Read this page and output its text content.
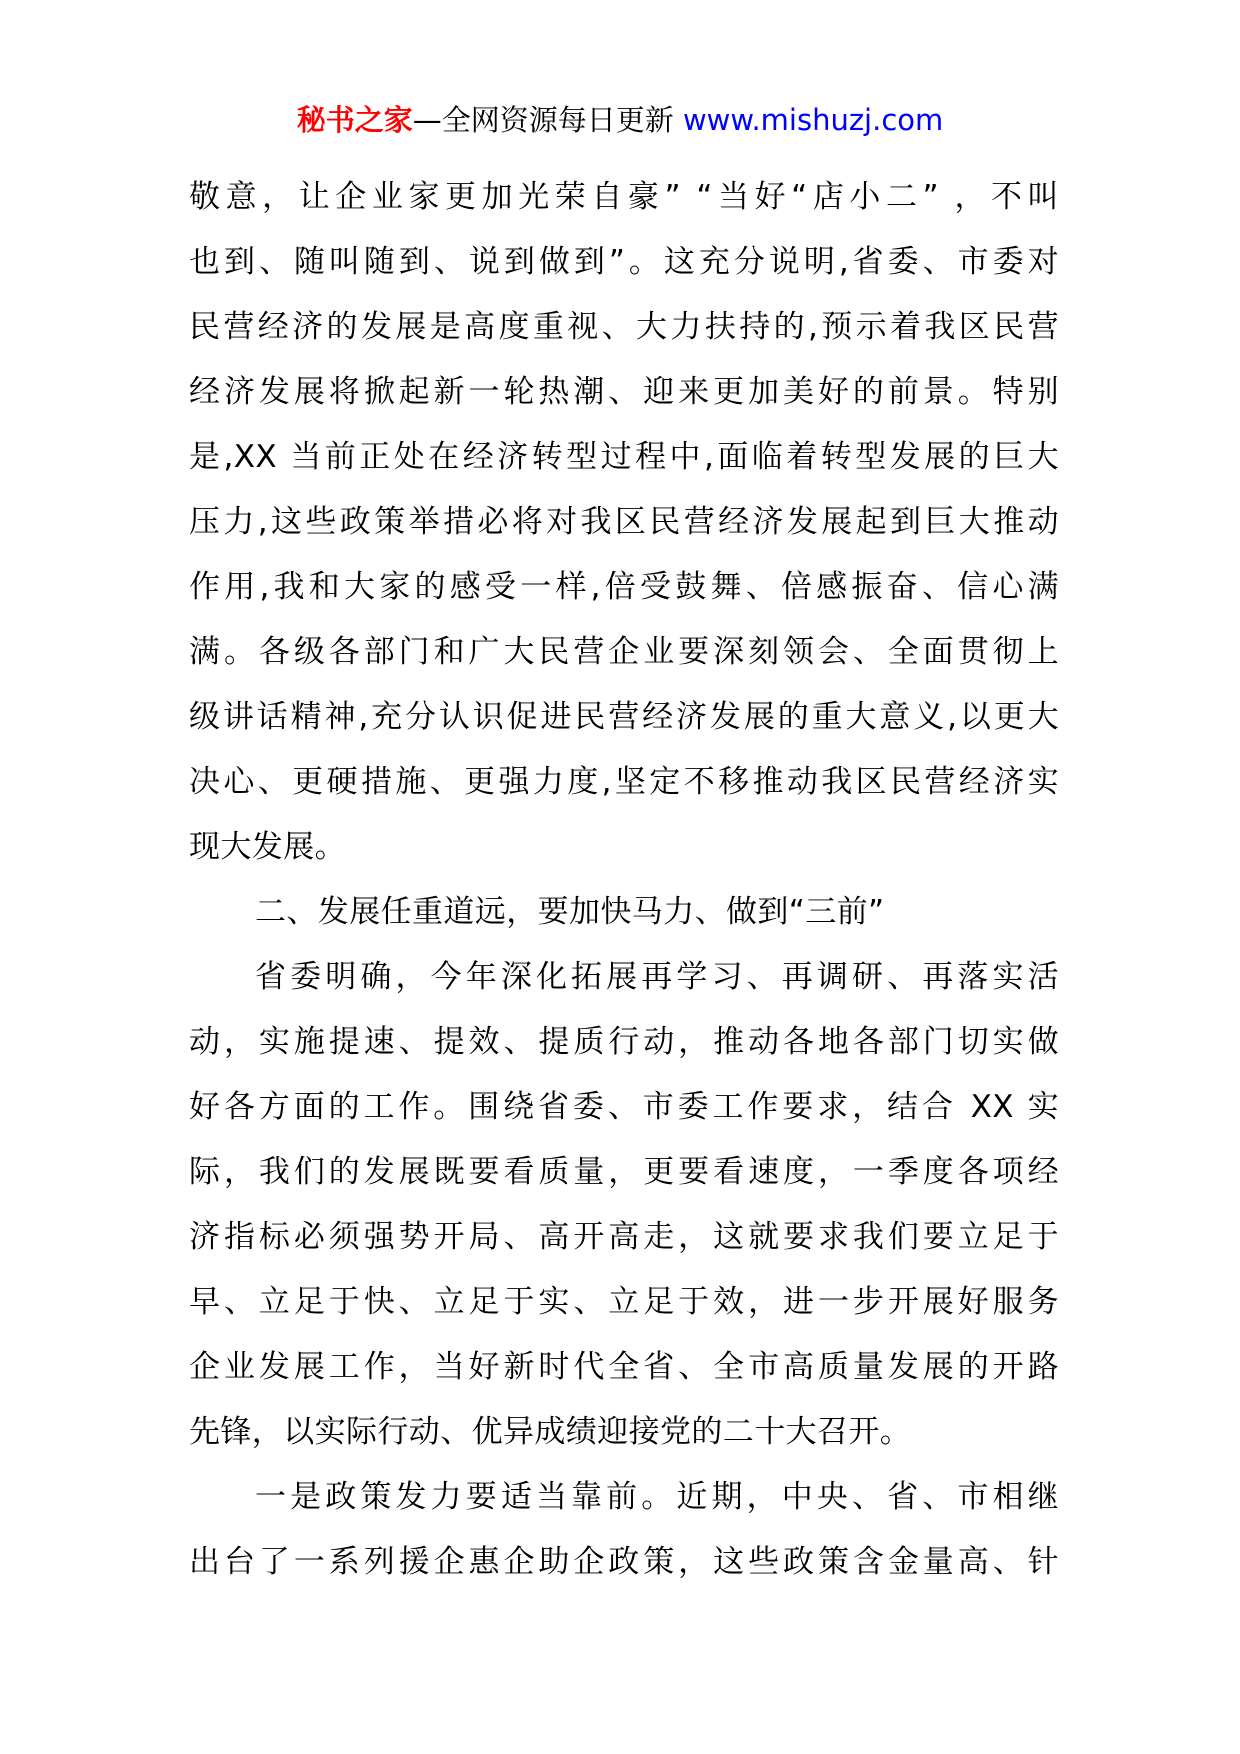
秘书之家—全网资源每日更新 www.mishuzj.com
敬意，让企业家更加光荣自豪” “当好“店小二” ，不叫
也到、随叫随到、说到做到”。这充分说明,省委、市委对
民营经济的发展是高度重视、大力扶持的,预示着我区民营
经济发展将掀起新一轮热潮、迎来更加美好的前景。特别
是,XX 当前正处在经济转型过程中,面临着转型发展的巨大
压力,这些政策举措必将对我区民营经济发展起到巨大推动
作用,我和大家的感受一样,倍受鼓舞、倍感振奋、信心满
满。各级各部门和广大民营企业要深刻领会、全面贯彻上
级讲话精神,充分认识促进民营经济发展的重大意义,以更大
决心、更硬措施、更强力度,坚定不移推动我区民营经济实
现大发展。
二、发展任重道远，要加快马力、做到“三前”
省委明确，今年深化拓展再学习、再调研、再落实活
动，实施提速、提效、提质行动，推动各地各部门切实做
好各方面的工作。围绕省委、市委工作要求，结合 XX 实
际，我们的发展既要看质量，更要看速度，一季度各项经
济指标必须强势开局、高开高走，这就要求我们要立足于
早、立足于快、立足于实、立足于效，进一步开展好服务
企业发展工作，当好新时代全省、全市高质量发展的开路
先锋，以实际行动、优异成绩迎接党的二十大召开。
一是政策发力要适当靠前。近期，中央、省、市相继
出台了一系列援企惠企助企政策，这些政策含金量高、针
